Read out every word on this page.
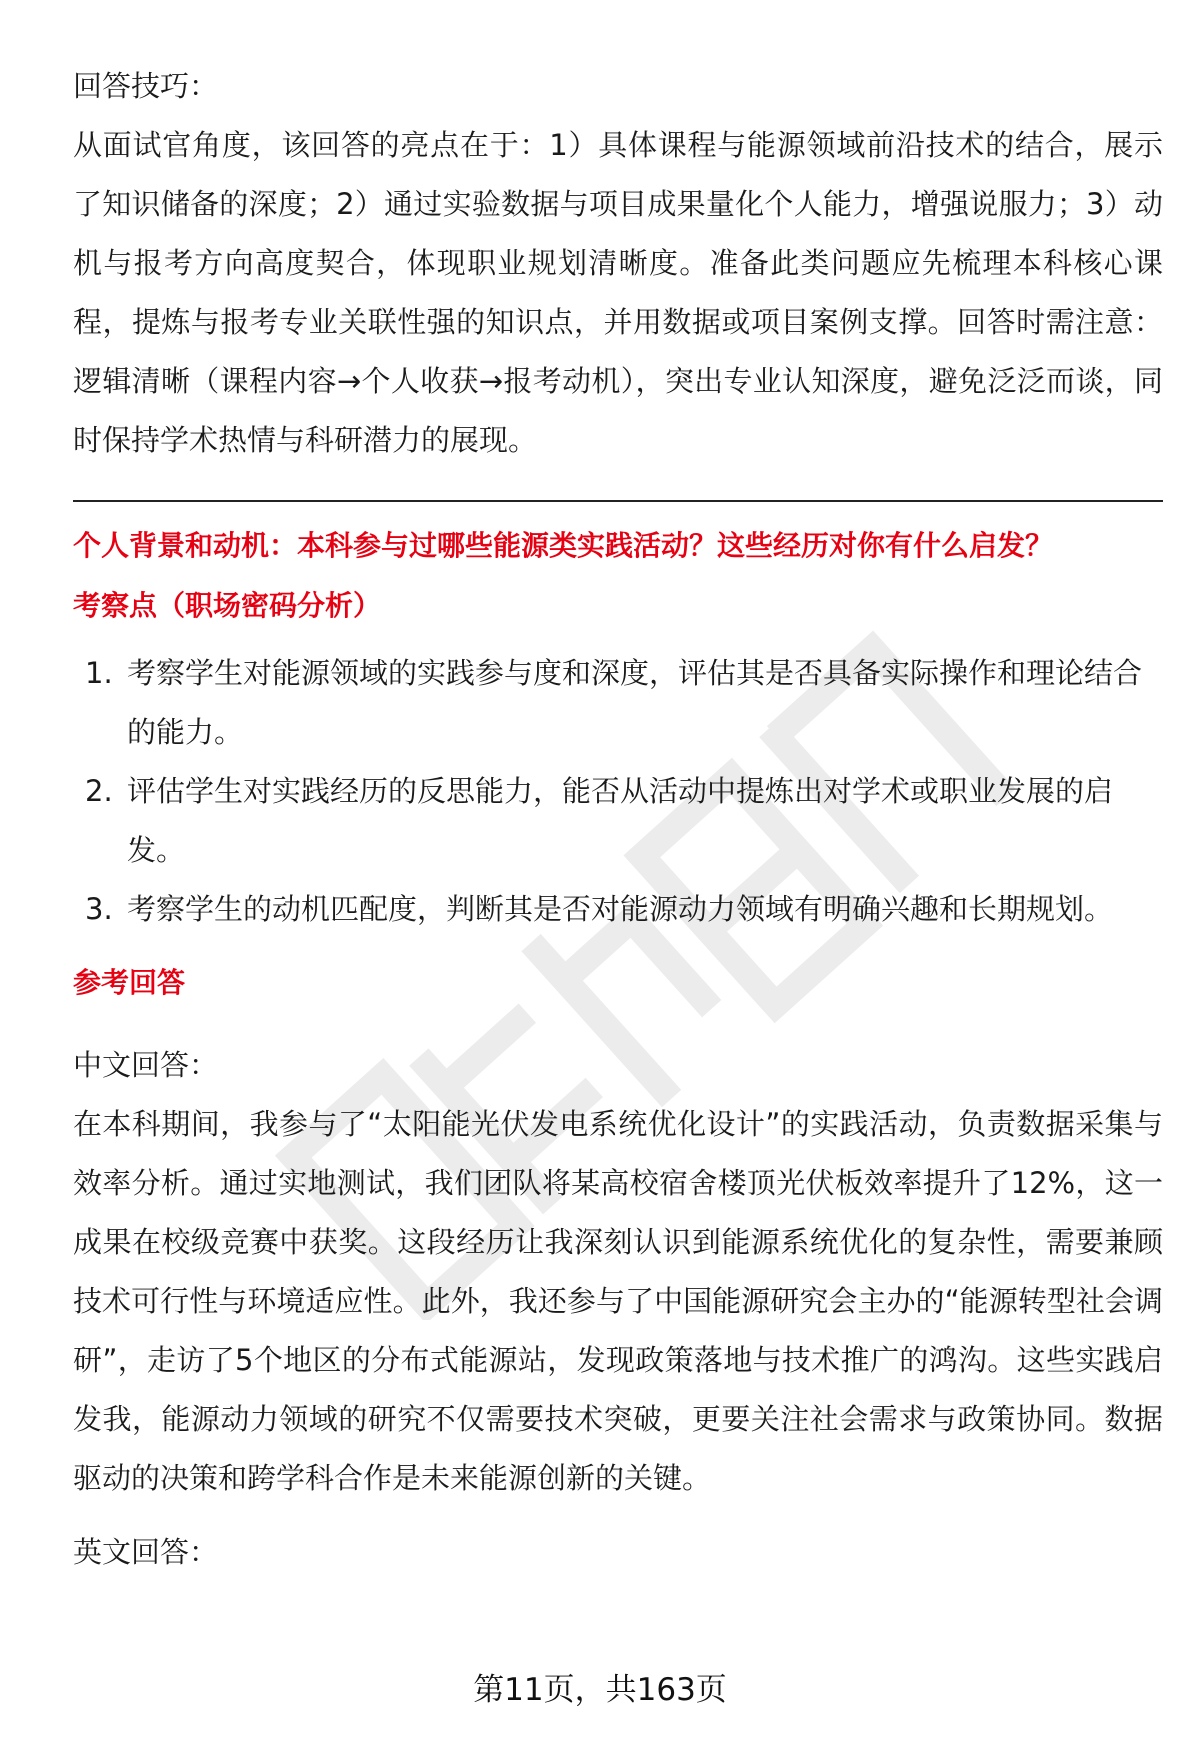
回答技巧：

从面试官角度，该回答的亮点在于：1）具体课程与能源领域前沿技术的结合，展示了知识储备的深度；2）通过实验数据与项目成果量化个人能力，增强说服力；3）动机与报考方向高度契合，体现职业规划清晰度。准备此类问题应先梳理本科核心课程，提炼与报考专业关联性强的知识点，并用数据或项目案例支撑。回答时需注意：逻辑清晰（课程内容→个人收获→报考动机），突出专业认知深度，避免泛泛而谈，同时保持学术热情与科研潜力的展现。

个人背景和动机：本科参与过哪些能源类实践活动？这些经历对你有什么启发？

考察点（职场密码分析）

1. 考察学生对能源领域的实践参与度和深度，评估其是否具备实际操作和理论结合的能力。
2. 评估学生对实践经历的反思能力，能否从活动中提炼出对学术或职业发展的启发。
3. 考察学生的动机匹配度，判断其是否对能源动力领域有明确兴趣和长期规划。

参考回答

中文回答：

在本科期间，我参与了“太阳能光伏发电系统优化设计”的实践活动，负责数据采集与效率分析。通过实地测试，我们团队将某高校宿舍楼顶光伏板效率提升了12%，这一成果在校级竞赛中获奖。这段经历让我深刻认识到能源系统优化的复杂性，需要兼顾技术可行性与环境适应性。此外，我还参与了中国能源研究会主办的“能源转型社会调研”，走访了5个地区的分布式能源站，发现政策落地与技术推广的鸿沟。这些实践启发我，能源动力领域的研究不仅需要技术突破，更要关注社会需求与政策协同。数据驱动的决策和跨学科合作是未来能源创新的关键。

英文回答：

第11页，共163页
